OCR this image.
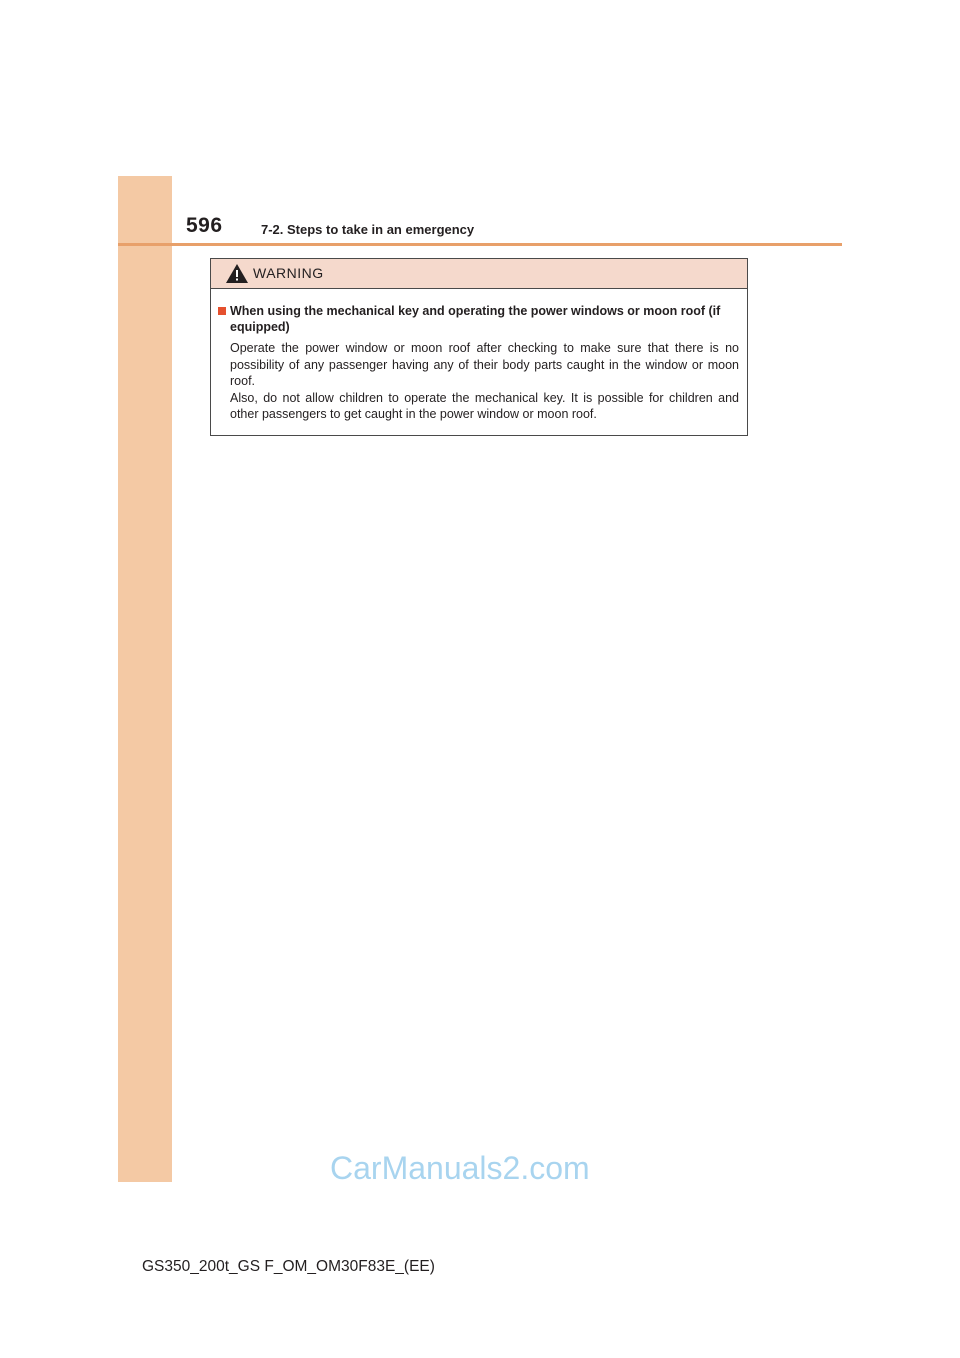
596	7-2. Steps to take in an emergency
WARNING
When using the mechanical key and operating the power windows or moon roof (if equipped)

Operate the power window or moon roof after checking to make sure that there is no possibility of any passenger having any of their body parts caught in the window or moon roof.

Also, do not allow children to operate the mechanical key. It is possible for children and other passengers to get caught in the power window or moon roof.

CarManuals2.com
GS350_200t_GS F_OM_OM30F83E_(EE)
